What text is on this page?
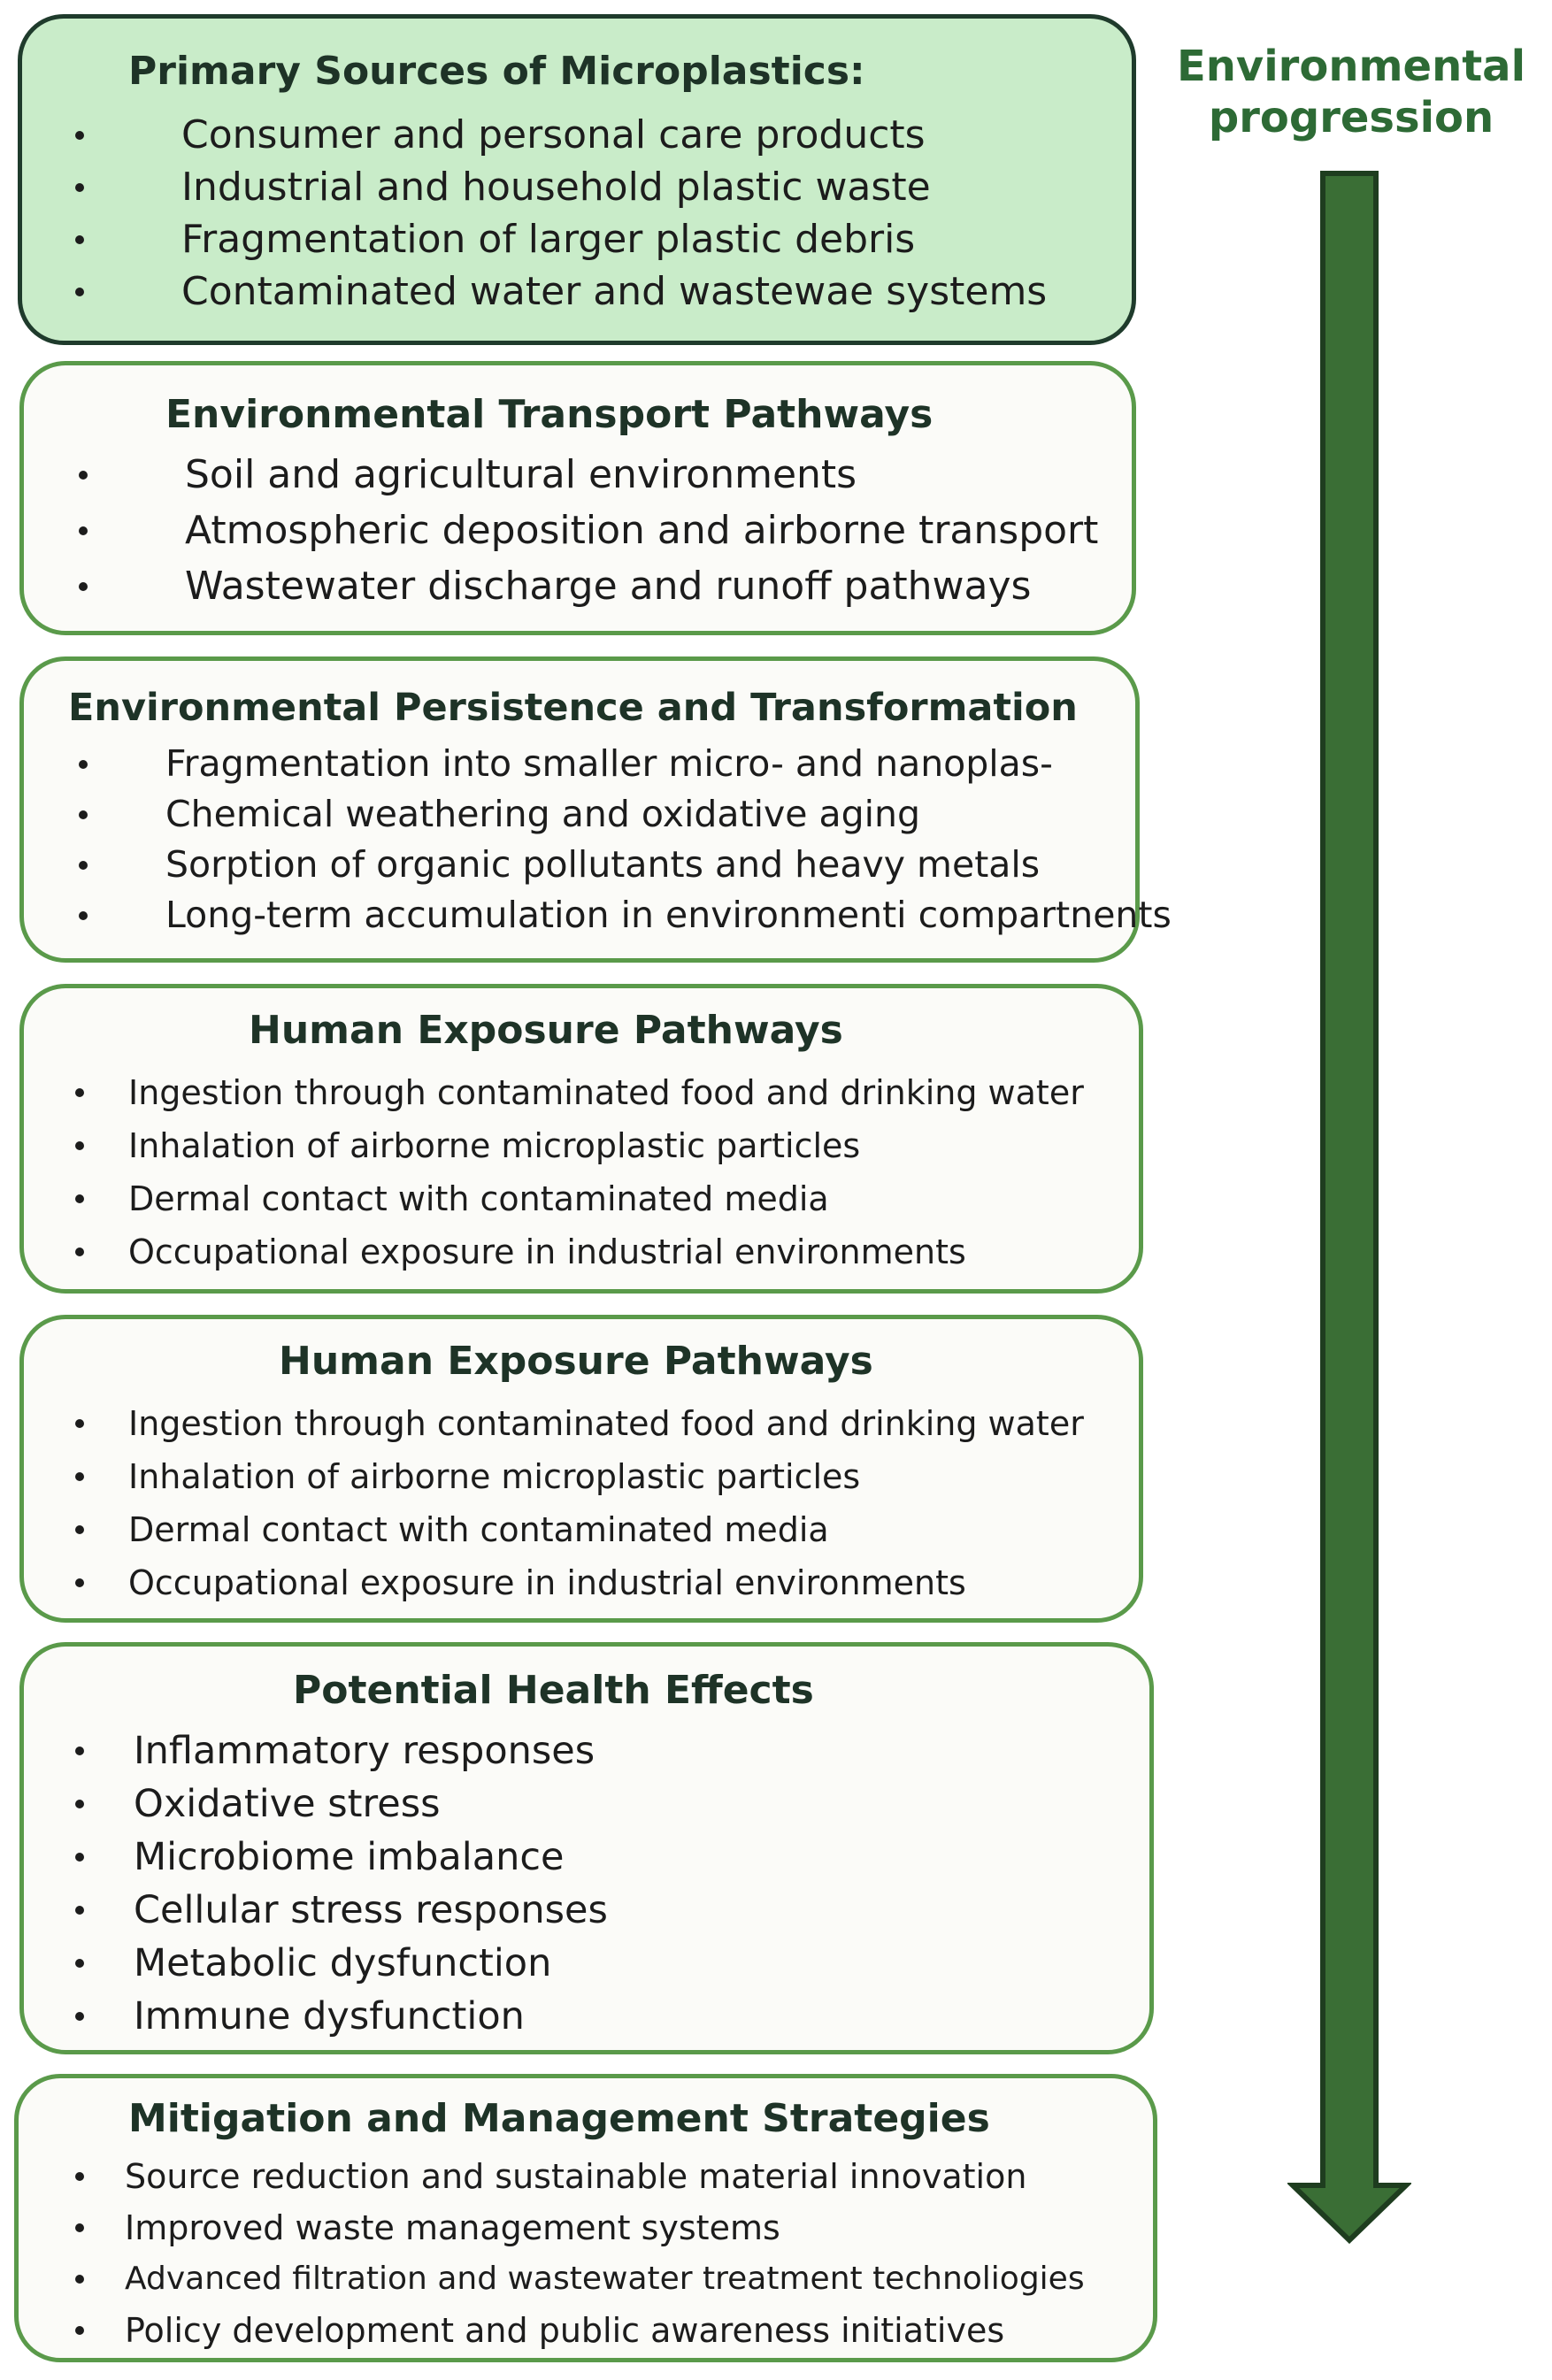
Primary Sources of Microplastics:
Consumer and personal care products
Industrial and household plastic waste
Fragmentation of larger plastic debris
Contaminated water and wastewae systems
Environmental Transport Pathways
Soil and agricultural environments
Atmospheric deposition and airborne transport
Wastewater discharge and runoff pathways
Environmental Persistence and Transformation
Fragmentation into smaller micro- and nanoplas-
Chemical weathering and oxidative aging
Sorption of organic pollutants and heavy metals
Long-term accumulation in environmenti compartnents
Human Exposure Pathways
Ingestion through contaminated food and drinking water
Inhalation of airborne microplastic particles
Dermal contact with contaminated media
Occupational exposure in industrial environments
Human Exposure Pathways
Ingestion through contaminated food and drinking water
Inhalation of airborne microplastic particles
Dermal contact with contaminated media
Occupational exposure in industrial environments
Potential Health Effects
Inflammatory responses
Oxidative stress
Microbiome imbalance
Cellular stress responses
Metabolic dysfunction
Immune dysfunction
Mitigation and Management Strategies
Source reduction and sustainable material innovation
Improved waste management systems
Advanced filtration and wastewater treatment technoliogies
Policy development and public awareness initiatives
Environmental progression
